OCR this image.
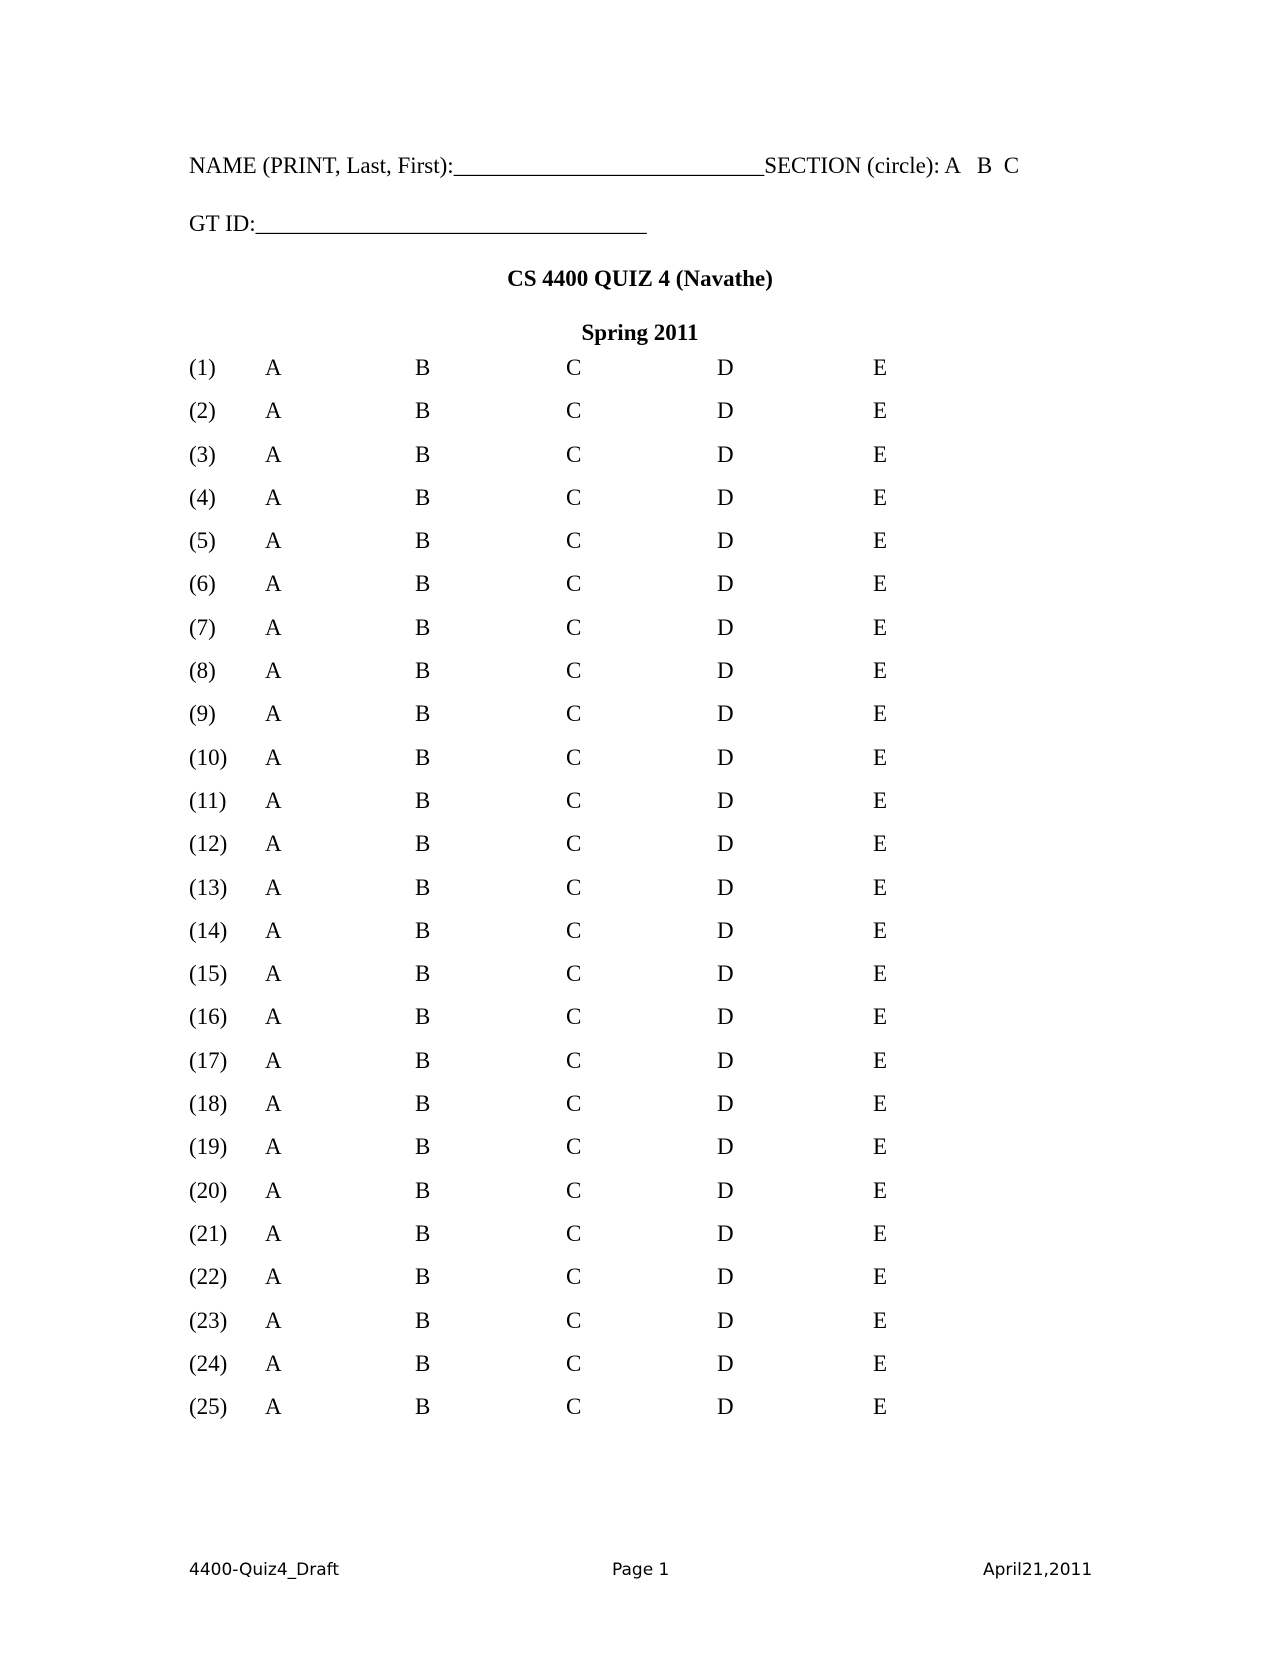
NAME (PRINT, Last, First):___________________________SECTION (circle): A   B  C
GT ID:__________________________________
CS 4400 QUIZ 4 (Navathe)
Spring 2011
(1) A	B	C	D	E
(2) A	B	C	D	E
(3) A	B	C	D	E
(4) A	B	C	D	E
(5) A	B	C	D	E
(6) A	B	C	D	E
(7) A	B	C	D	E
(8) A	B	C	D	E
(9) A	B	C	D	E
(10) A	B	C	D	E
(11) A	B	C	D	E
(12) A	B	C	D	E
(13) A	B	C	D	E
(14) A	B	C	D	E
(15) A	B	C	D	E
(16) A	B	C	D	E
(17) A	B	C	D	E
(18) A	B	C	D	E
(19) A	B	C	D	E
(20) A	B	C	D	E
(21) A	B	C	D	E
(22) A	B	C	D	E
(23) A	B	C	D	E
(24) A	B	C	D	E
(25) A	B	C	D	E
4400-Quiz4_Draft	Page 1	April21,2011
